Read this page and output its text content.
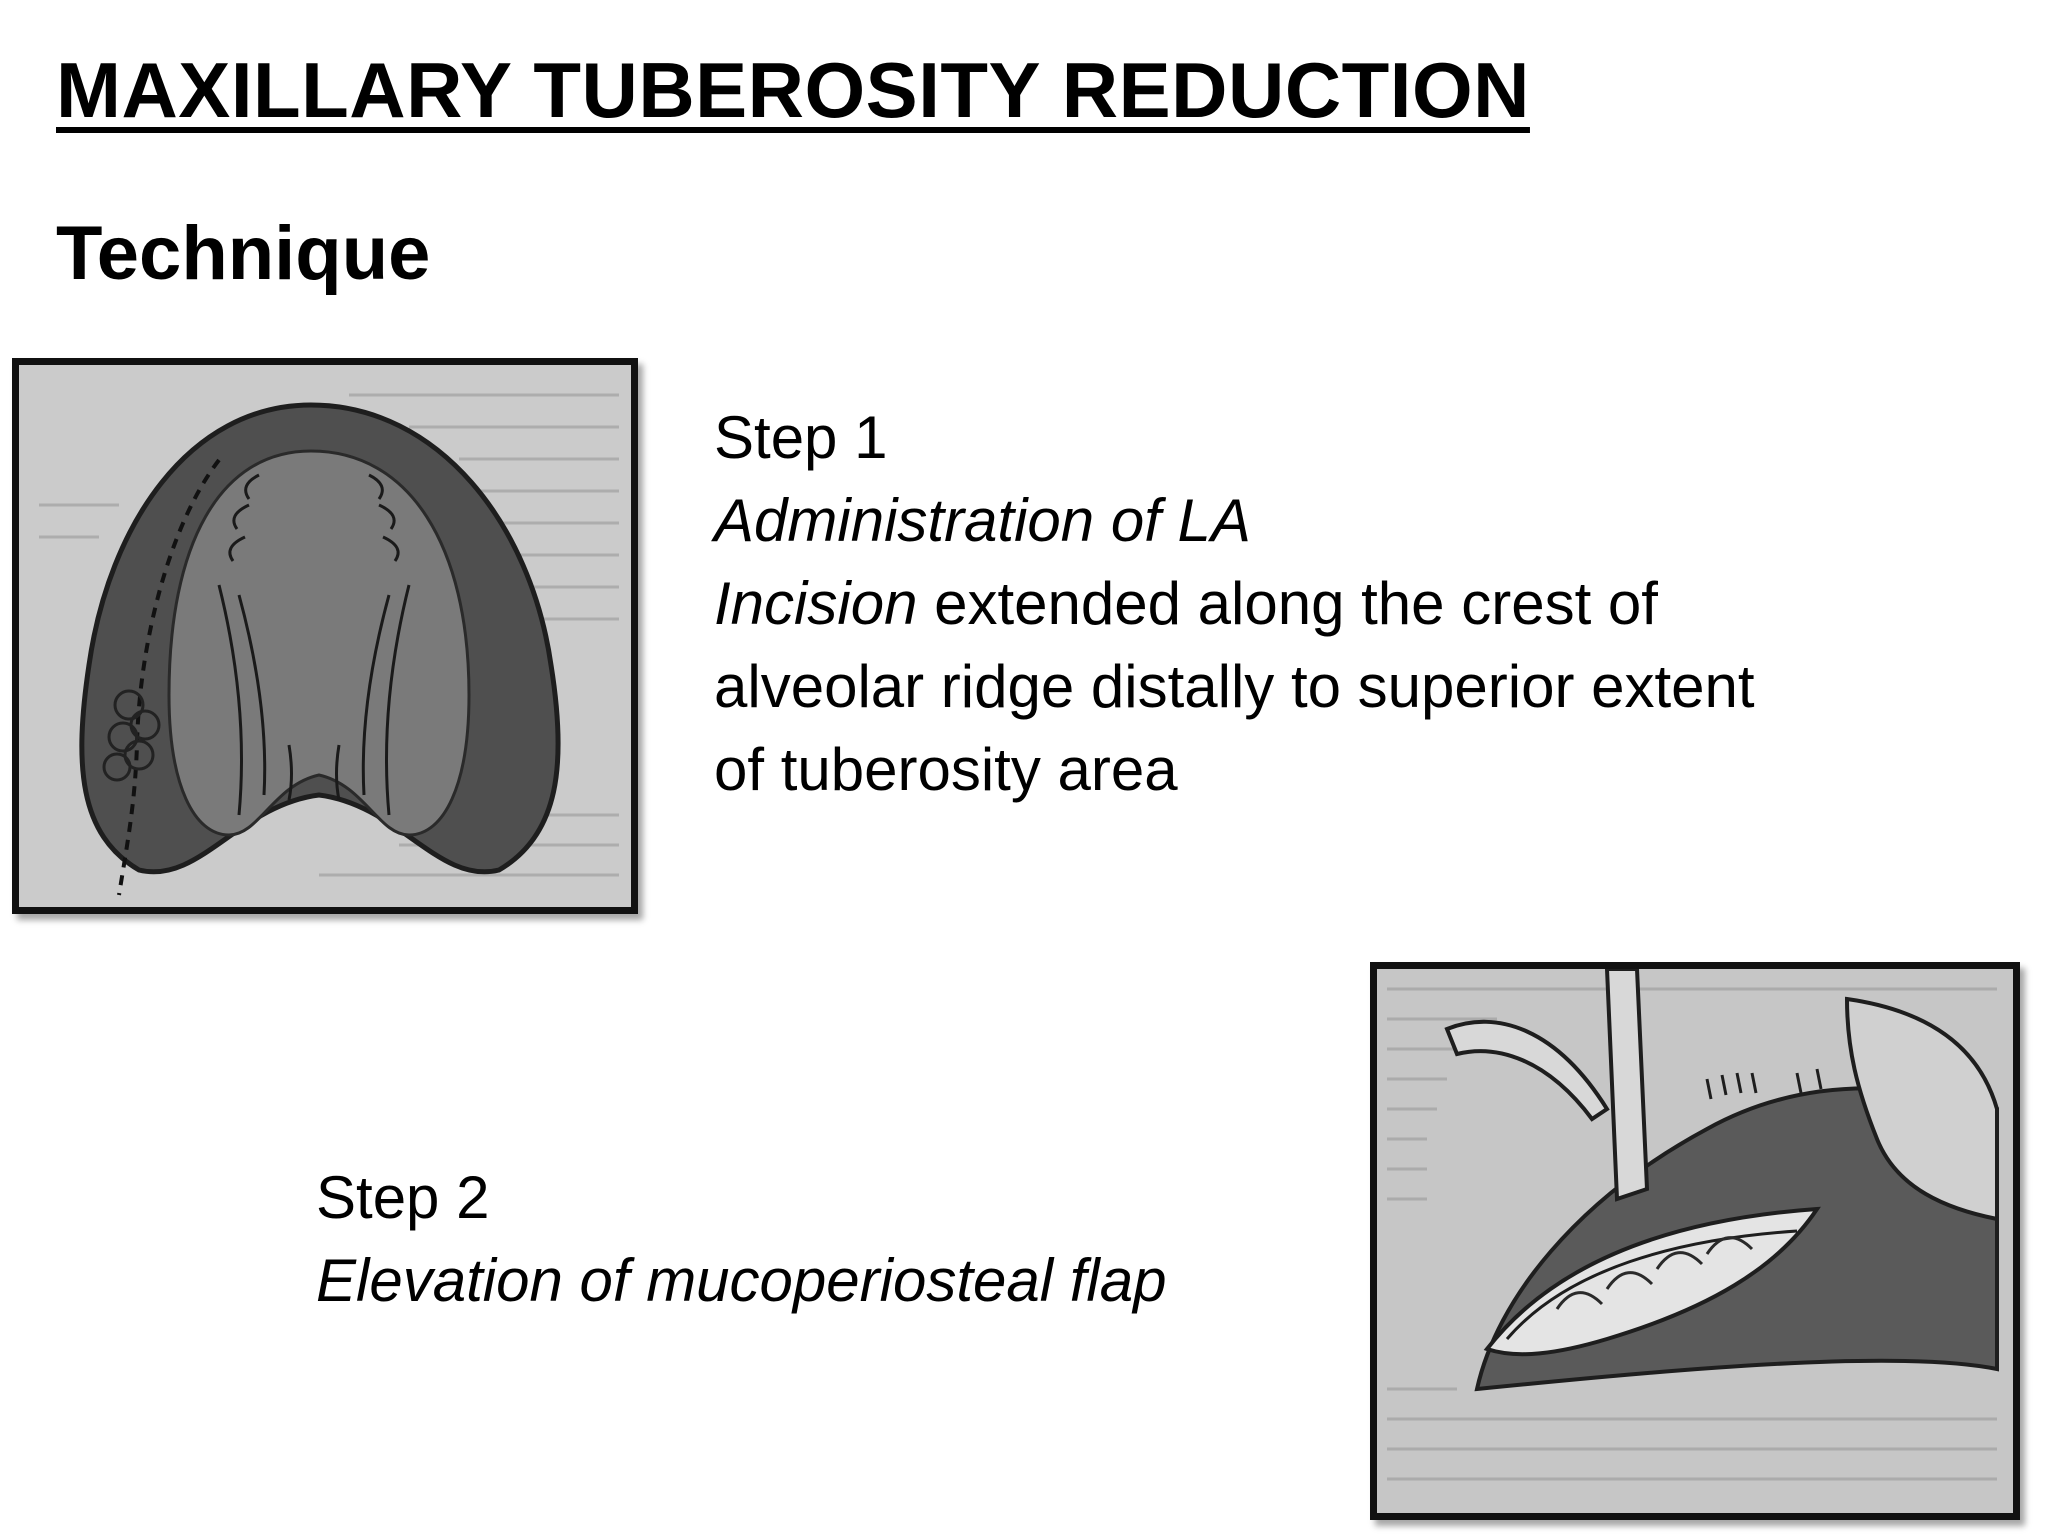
MAXILLARY TUBEROSITY REDUCTION
Technique
Step 1
Administration of LA
Incision extended along the crest of
alveolar ridge distally to superior extent
of tuberosity area
Step 2
Elevation of mucoperiosteal flap
